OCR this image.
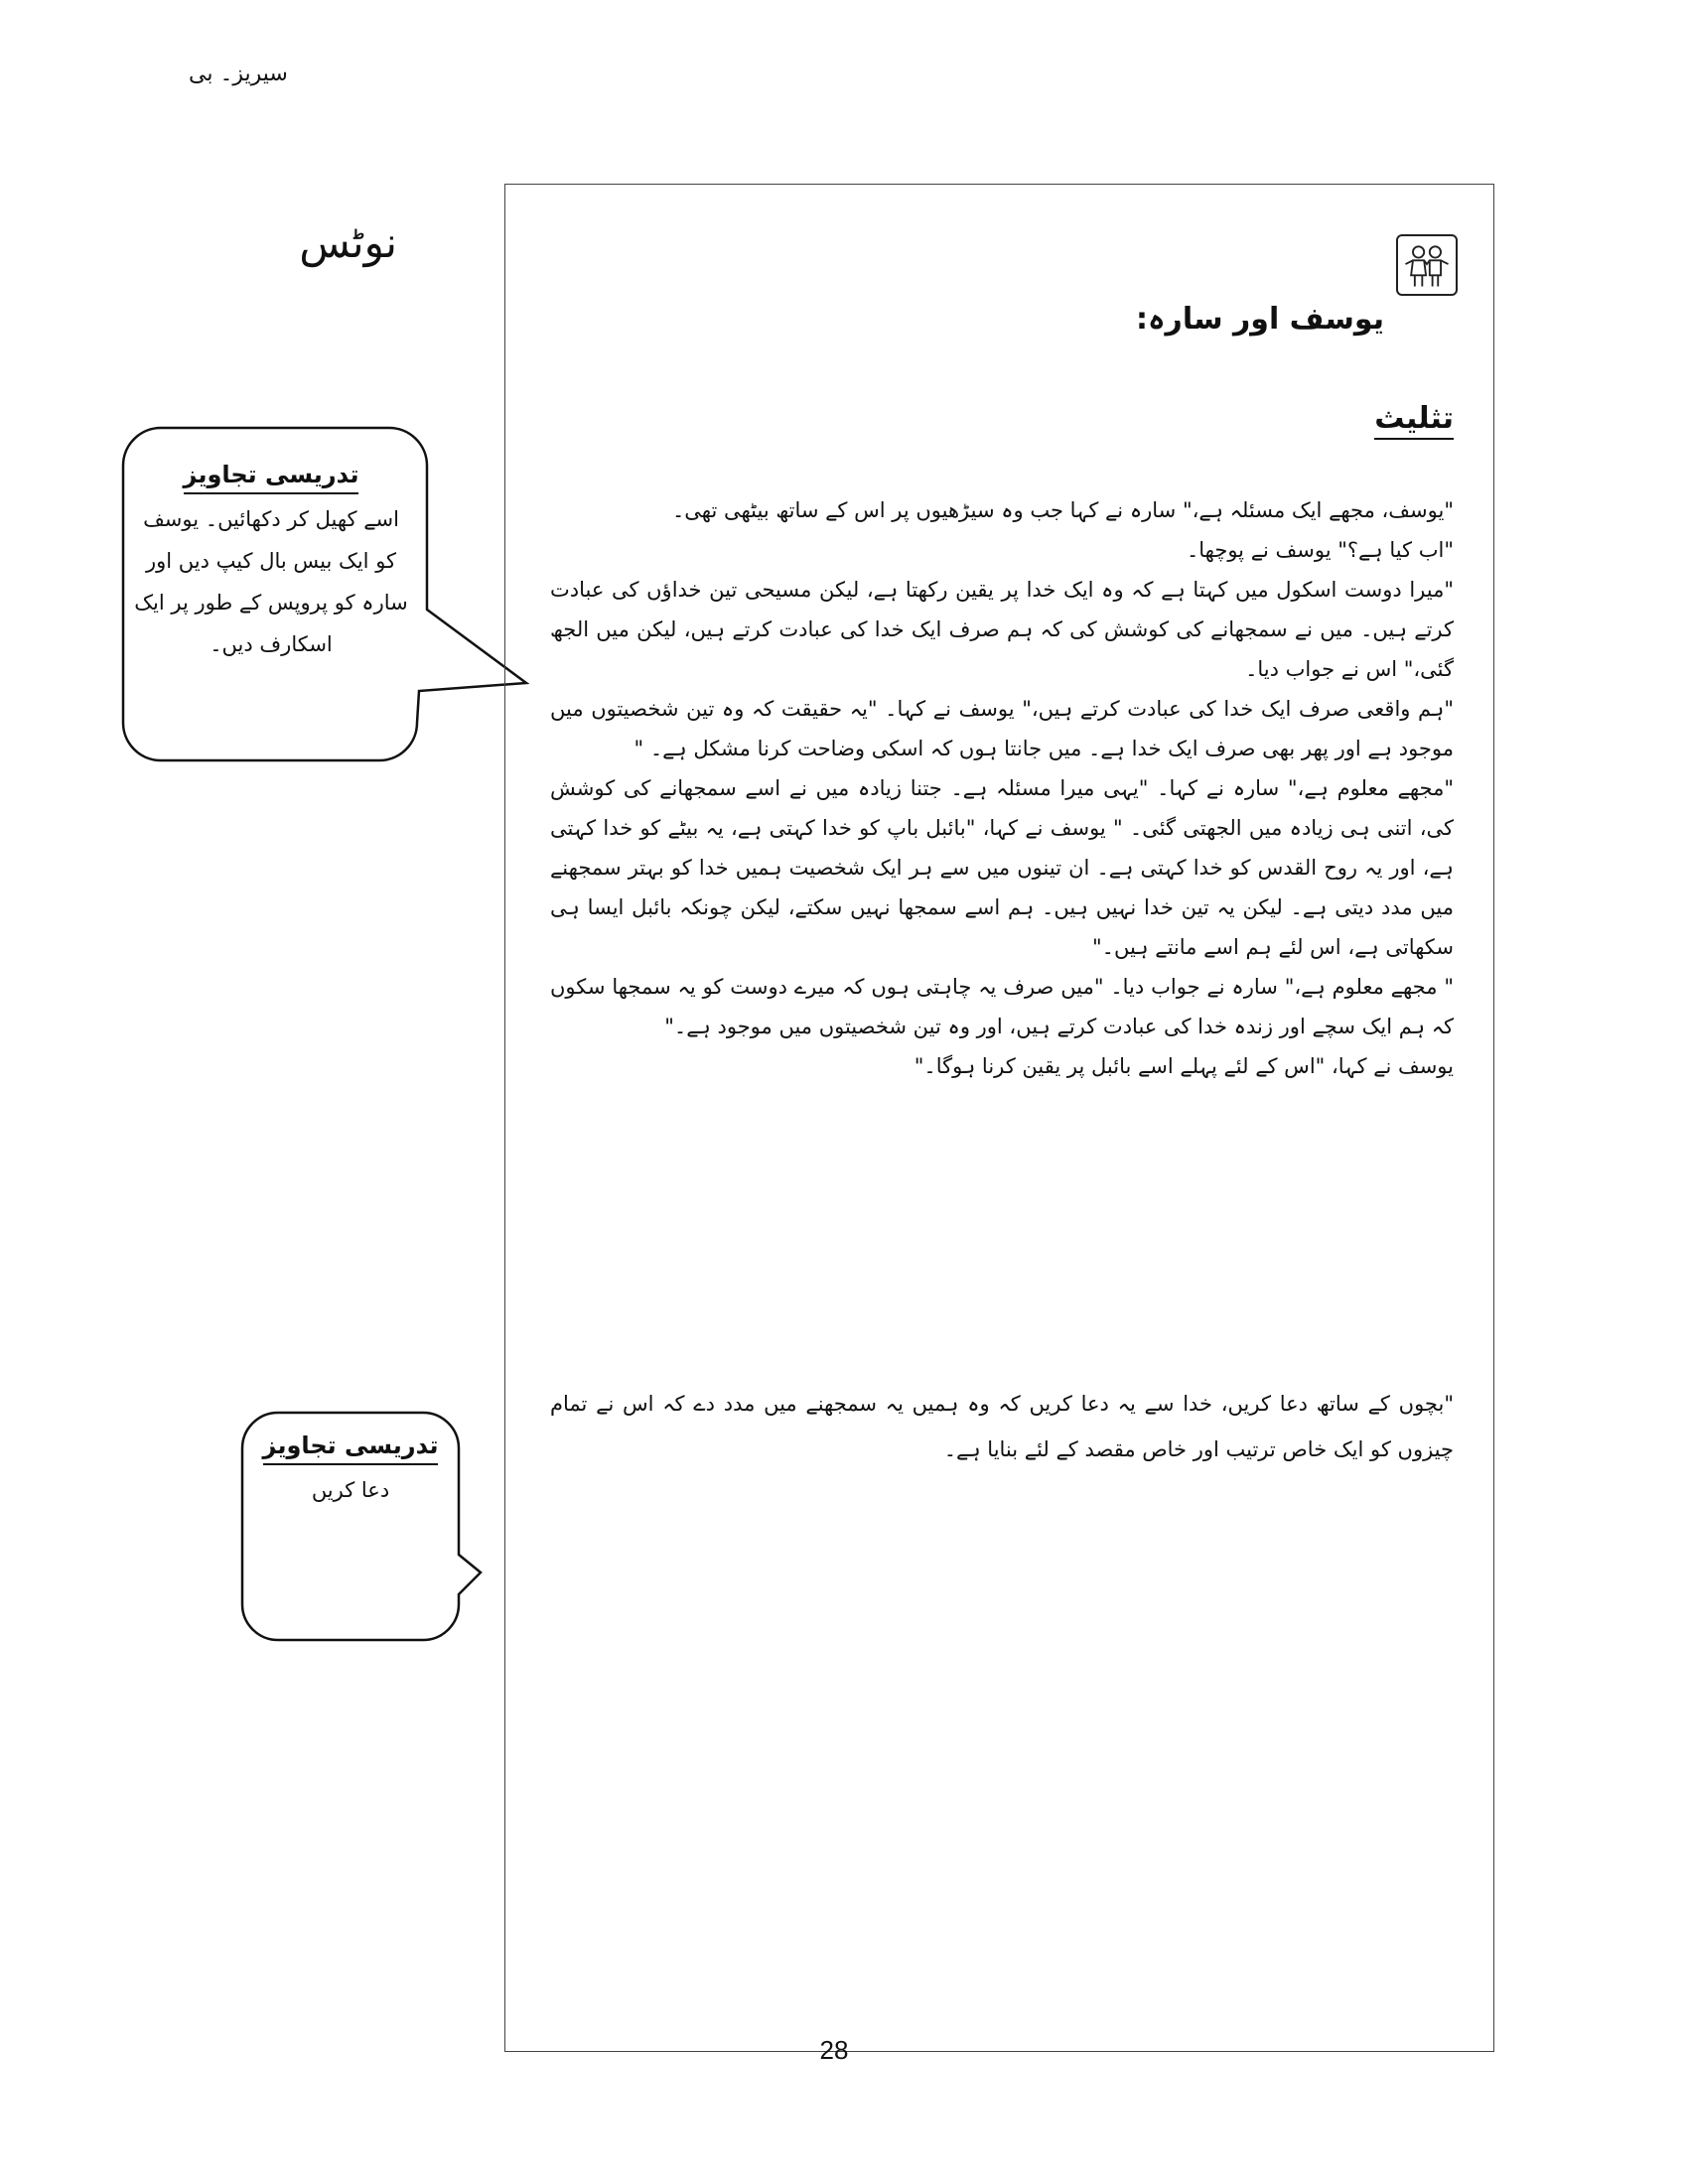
سیریز۔ بی
نوٹس
تدریسی تجاویز
اسے کھیل کر دکھائیں۔ یوسف
کو ایک بیس بال کیپ دیں اور
سارہ کو پروپس کے طور پر ایک
اسکارف دیں۔
تدریسی تجاویز
دعا کریں
یوسف اور سارہ:
تثلیث

"یوسف، مجھے ایک مسئلہ ہے،" سارہ نے کہا جب وہ سیڑھیوں پر اس کے ساتھ بیٹھی تھی۔

"اب کیا ہے؟" یوسف نے پوچھا۔

"میرا دوست اسکول میں کہتا ہے کہ وہ ایک خدا پر یقین رکھتا ہے، لیکن مسیحی تین خداؤں کی عبادت کرتے ہیں۔ میں نے سمجھانے کی کوشش کی کہ ہم صرف ایک خدا کی عبادت کرتے ہیں، لیکن میں الجھ گئی،" اس نے جواب دیا۔

"ہم واقعی صرف ایک خدا کی عبادت کرتے ہیں،" یوسف نے کہا۔ "یہ حقیقت کہ وہ تین شخصیتوں میں موجود ہے اور پھر بھی صرف ایک خدا ہے۔ میں جانتا ہوں کہ اسکی وضاحت کرنا مشکل ہے۔ "

"مجھے معلوم ہے،" سارہ نے کہا۔ "یہی میرا مسئلہ ہے۔ جتنا زیادہ میں نے اسے سمجھانے کی کوشش کی، اتنی ہی زیادہ میں الجھتی گئی۔ " یوسف نے کہا، "بائبل باپ کو خدا کہتی ہے، یہ بیٹے کو خدا کہتی ہے، اور یہ روح القدس کو خدا کہتی ہے۔ ان تینوں میں سے ہر ایک شخصیت ہمیں خدا کو بہتر سمجھنے میں مدد دیتی ہے۔ لیکن یہ تین خدا نہیں ہیں۔ ہم اسے سمجھا نہیں سکتے، لیکن چونکہ بائبل ایسا ہی سکھاتی ہے، اس لئے ہم اسے مانتے ہیں۔"

" مجھے معلوم ہے،" سارہ نے جواب دیا۔ "میں صرف یہ چاہتی ہوں کہ میرے دوست کو یہ سمجھا سکوں کہ ہم ایک سچے اور زندہ خدا کی عبادت کرتے ہیں، اور وہ تین شخصیتوں میں موجود ہے۔"

یوسف نے کہا، "اس کے لئے پہلے اسے بائبل پر یقین کرنا ہوگا۔"

"بچوں کے ساتھ دعا کریں، خدا سے یہ دعا کریں کہ وہ ہمیں یہ سمجھنے میں مدد دے کہ اس نے تمام چیزوں کو ایک خاص ترتیب اور خاص مقصد کے لئے بنایا ہے۔

28
